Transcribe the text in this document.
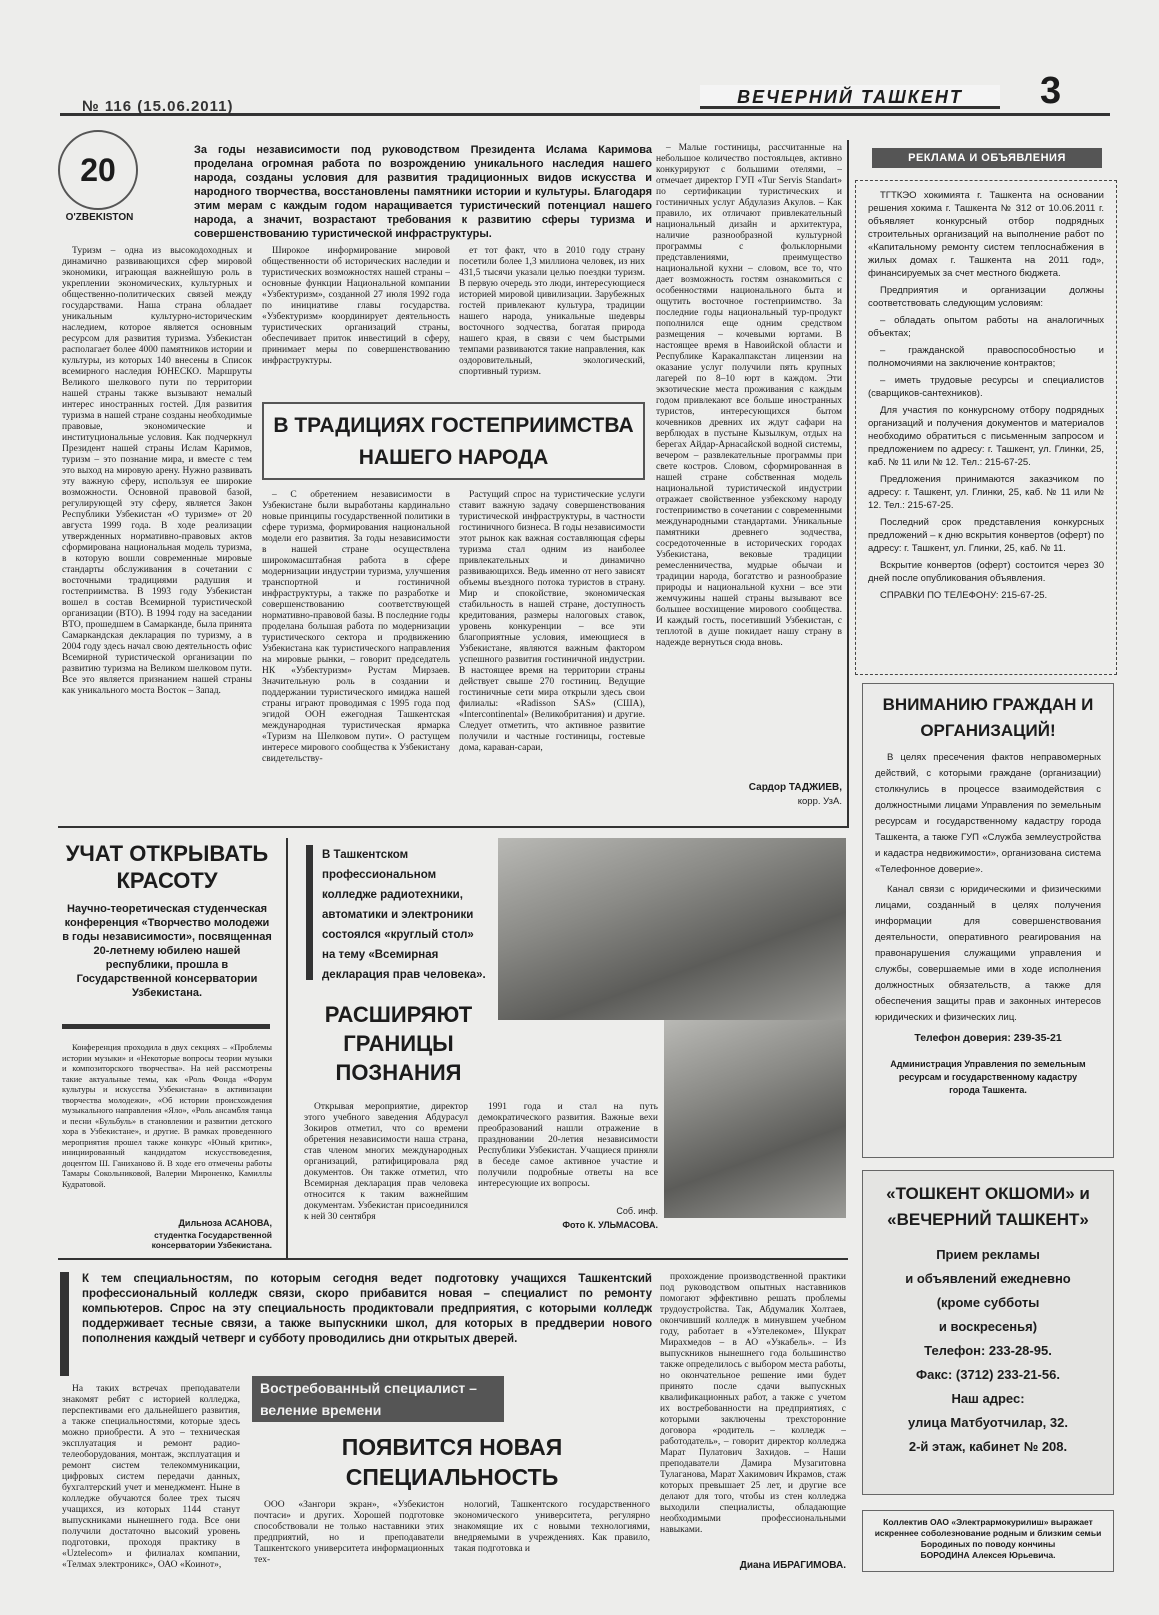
№ 116 (15.06.2011)	ВЕЧЕРНИЙ ТАШКЕНТ	3
20
O'ZBEKISTON
За годы независимости под руководством Президента Ислама Каримова проделана огромная работа по возрождению уникального наследия нашего народа, созданы условия для развития традиционных видов искусства и народного творчества, восстановлены памятники истории и культуры. Благодаря этим мерам с каждым годом наращивается туристический потенциал нашего народа, а значит, возрастают требования к развитию сферы туризма и совершенствованию туристической инфраструктуры.

Туризм – одна из высокодоходных и динамично развивающихся сфер мировой экономики, играющая важнейшую роль в укреплении экономических, культурных и общественно-политических связей между государствами. Наша страна обладает уникальным культурно-историческим наследием, которое является основным ресурсом для развития туризма. Узбекистан располагает более 4000 памятников истории и культуры, из которых 140 внесены в Список всемирного наследия ЮНЕСКО. Маршруты Великого шелкового пути по территории нашей страны также вызывают немалый интерес иностранных гостей. Для развития туризма в нашей стране созданы необходимые правовые, экономические и институциональные условия. Как подчеркнул Президент нашей страны Ислам Каримов, туризм – это познание мира, и вместе с тем это выход на мировую арену. Нужно развивать эту важную сферу, используя ее широкие возможности. Основной правовой базой, регулирующей эту сферу, является Закон Республики Узбекистан «О туризме» от 20 августа 1999 года. В ходе реализации утвержденных нормативно-правовых актов сформирована национальная модель туризма, в которую вошли современные мировые стандарты обслуживания в сочетании с восточными традициями радушия и гостеприимства. В 1993 году Узбекистан вошел в состав Всемирной туристической организации (ВТО). В 1994 году на заседании ВТО, прошедшем в Самарканде, была принята Самаркандская декларация по туризму, а в 2004 году здесь начал свою деятельность офис Всемирной туристической организации по развитию туризма на Великом шелковом пути. Все это является признанием нашей страны как уникального моста Восток – Запад.

Широкое информирование мировой общественности об исторических наследии и туристических возможностях нашей страны – основные функции Национальной компании «Узбектуризм», созданной 27 июля 1992 года по инициативе главы государства. «Узбектуризм» координирует деятельность туристических организаций страны, обеспечивает приток инвестиций в сферу, принимает меры по совершенствованию инфраструктуры.

ет тот факт, что в 2010 году страну посетили более 1,3 миллиона человек, из них 431,5 тысячи указали целью поездки туризм. В первую очередь это люди, интересующиеся историей мировой цивилизации. Зарубежных гостей привлекают культура, традиции нашего народа, уникальные шедевры восточного зодчества, богатая природа нашего края, в связи с чем быстрыми темпами развиваются такие направления, как оздоровительный, экологический, спортивный туризм.

В ТРАДИЦИЯХ ГОСТЕПРИИМСТВА НАШЕГО НАРОДА

– С обретением независимости в Узбекистане были выработаны кардинально новые принципы государственной политики в сфере туризма, формирования национальной модели его развития. За годы независимости в нашей стране осуществлена широкомасштабная работа в сфере модернизации индустрии туризма, улучшения транспортной и гостиничной инфраструктуры, а также по разработке и совершенствованию соответствующей нормативно-правовой базы. В последние годы проделана большая работа по модернизации туристического сектора и продвижению Узбекистана как туристического направления на мировые рынки, – говорит председатель НК «Узбектуризм» Рустам Мирзаев. Значительную роль в создании и поддержании туристического имиджа нашей страны играют проводимая с 1995 года под эгидой ООН ежегодная Ташкентская международная туристическая ярмарка «Туризм на Шелковом пути». О растущем интересе мирового сообщества к Узбекистану свидетельству-

Растущий спрос на туристические услуги ставит важную задачу совершенствования туристической инфраструктуры, в частности гостиничного бизнеса. В годы независимости этот рынок как важная составляющая сферы туризма стал одним из наиболее привлекательных и динамично развивающихся. Ведь именно от него зависят объемы въездного потока туристов в страну. Мир и спокойствие, экономическая стабильность в нашей стране, доступность кредитования, размеры налоговых ставок, уровень конкуренции – все эти благоприятные условия, имеющиеся в Узбекистане, являются важным фактором успешного развития гостиничной индустрии. В настоящее время на территории страны действует свыше 270 гостиниц. Ведущие гостиничные сети мира открыли здесь свои филиалы: «Radisson SAS» (США), «Intercontinental» (Великобритания) и другие. Следует отметить, что активное развитие получили и частные гостиницы, гостевые дома, караван-сараи,

– Малые гостиницы, рассчитанные на небольшое количество постояльцев, активно конкурируют с большими отелями, – отмечает директор ГУП «Tur Servis Standart» по сертификации туристических и гостиничных услуг Абдулазиз Акулов. – Как правило, их отличают привлекательный национальный дизайн и архитектура, наличие разнообразной культурной программы с фольклорными представлениями, преимущество национальной кухни – словом, все то, что дает возможность гостям ознакомиться с особенностями национального быта и ощутить восточное гостеприимство. За последние годы национальный тур-продукт пополнился еще одним средством размещения – кочевыми юртами. В настоящее время в Навоийской области и Республике Каракалпакстан лицензии на оказание услуг получили пять крупных лагерей по 8–10 юрт в каждом. Эти экзотические места проживания с каждым годом привлекают все больше иностранных туристов, интересующихся бытом кочевников древних их ждут сафари на верблюдах в пустыне Кызылкум, отдых на берегах Айдар-Арнасайской водной системы, вечером – развлекательные программы при свете костров. Словом, сформированная в нашей стране собственная модель национальной туристической индустрии отражает свойственное узбекскому народу гостеприимство в сочетании с современными международными стандартами. Уникальные памятники древнего зодчества, сосредоточенные в исторических городах Узбекистана, вековые традиции ремесленничества, мудрые обычаи и традиции народа, богатство и разнообразие природы и национальной кухни – все эти жемчужины нашей страны вызывают все большее восхищение мирового сообщества. И каждый гость, посетивший Узбекистан, с теплотой в душе покидает нашу страну в надежде вернуться сюда вновь.

Сардор ТАДЖИЕВ,
корр. УзА.
РЕКЛАМА И ОБЪЯВЛЕНИЯ

ТГТКЭО хокимията г. Ташкента на основании решения хокима г. Ташкента № 312 от 10.06.2011 г. объявляет конкурсный отбор подрядных строительных организаций на выполнение работ по «Капитальному ремонту систем теплоснабжения в жилых домах г. Ташкента на 2011 год», финансируемых за счет местного бюджета.

Предприятия и организации должны соответствовать следующим условиям:

– обладать опытом работы на аналогичных объектах;

– гражданской правоспособностью и полномочиями на заключение контрактов;

– иметь трудовые ресурсы и специалистов (сварщиков-сантехников).

Для участия по конкурсному отбору подрядных организаций и получения документов и материалов необходимо обратиться с письменным запросом и предложением по адресу: г. Ташкент, ул. Глинки, 25, каб. № 11 или № 12. Тел.: 215-67-25.

Предложения принимаются заказчиком по адресу: г. Ташкент, ул. Глинки, 25, каб. № 11 или № 12. Тел.: 215-67-25.

Последний срок представления конкурсных предложений – к дню вскрытия конвертов (оферт) по адресу: г. Ташкент, ул. Глинки, 25, каб. № 11.

Вскрытие конвертов (оферт) состоится через 30 дней после опубликования объявления.

СПРАВКИ ПО ТЕЛЕФОНУ: 215-67-25.

ВНИМАНИЮ ГРАЖДАН И ОРГАНИЗАЦИЙ!

В целях пресечения фактов неправомерных действий, с которыми граждане (организации) столкнулись в процессе взаимодействия с должностными лицами Управления по земельным ресурсам и государственному кадастру города Ташкента, а также ГУП «Служба землеустройства и кадастра недвижимости», организована система «Телефонное доверие».

Канал связи с юридическими и физическими лицами, созданный в целях получения информации для совершенствования деятельности, оперативного реагирования на правонарушения служащими управления и службы, совершаемые ими в ходе исполнения должностных обязательств, а также для обеспечения защиты прав и законных интересов юридических и физических лиц.

Телефон доверия: 239-35-21
Администрация Управления по земельным ресурсам и государственному кадастру города Ташкента.
«ТОШКЕНТ ОКШОМИ» и «ВЕЧЕРНИЙ ТАШКЕНТ»
Прием рекламы
и объявлений ежедневно
(кроме субботы
и воскресенья)
Телефон: 233-28-95.
Факс: (3712) 233-21-56.
Наш адрес:
улица Матбуотчилар, 32.
2-й этаж, кабинет № 208.
Коллектив ОАО «Электрармокурилиш» выражает искреннее соболезнование родным и близким семьи Бородиных по поводу кончины
БОРОДИНА Алексея Юрьевича.
УЧАТ ОТКРЫВАТЬ КРАСОТУ
Научно-теоретическая студенческая конференция «Творчество молодежи в годы независимости», посвященная 20-летнему юбилею нашей республики, прошла в Государственной консерватории Узбекистана.

Конференция проходила в двух секциях – «Проблемы истории музыки» и «Некоторые вопросы теории музыки и композиторского творчества». На ней рассмотрены такие актуальные темы, как «Роль Фонда «Форум культуры и искусства Узбекистана» в активизации творчества молодежи», «Об истории происхождения музыкального направления «Яло», «Роль ансамбля танца и песни «Бульбуль» в становлении и развитии детского хора в Узбекистане», и другие. В рамках проведенного мероприятия прошел также конкурс «Юный критик», инициированный кандидатом искусствоведения, доцентом Ш. Ганиханово й. В ходе его отмечены работы Тамары Сокольниковой, Валерии Мироненко, Камиллы Кудратовой.

Дильноза АСАНОВА,
студентка Государственной консерватории Узбекистана.
В Ташкентском профессиональном колледже радиотехники, автоматики и электроники состоялся «круглый стол» на тему «Всемирная декларация прав человека».
РАСШИРЯЮТ ГРАНИЦЫ ПОЗНАНИЯ

Открывая мероприятие, директор этого учебного заведения Абдурасул Зокиров отметил, что со времени обретения независимости наша страна, став членом многих международных организаций, ратифицировала ряд документов. Он также отметил, что Всемирная декларация прав человека относится к таким важнейшим документам. Узбекистан присоединился к ней 30 сентября

1991 года и стал на путь демократического развития. Важные вехи преобразований нашли отражение в праздновании 20-летия независимости Республики Узбекистан. Учащиеся приняли в беседе самое активное участие и получили подробные ответы на все интересующие их вопросы.

Соб. инф.
Фото К. УЛЬМАСОВА.
К тем специальностям, по которым сегодня ведет подготовку учащихся Ташкентский профессиональный колледж связи, скоро прибавится новая – специалист по ремонту компьютеров. Спрос на эту специальность продиктовали предприятия, с которыми колледж поддерживает тесные связи, а также выпускники школ, для которых в преддверии нового пополнения каждый четверг и субботу проводились дни открытых дверей.

На таких встречах преподаватели знакомят ребят с историей колледжа, перспективами его дальнейшего развития, а также специальностями, которые здесь можно приобрести. А это – техническая эксплуатация и ремонт радио- телеоборудования, монтаж, эксплуатация и ремонт систем телекоммуникации, цифровых систем передачи данных, бухгалтерский учет и менеджмент. Ныне в колледже обучаются более трех тысяч учащихся, из которых 1144 станут выпускниками нынешнего года. Все они получили достаточно высокий уровень подготовки, проходя практику в «Uztelecom» и филиалах компании, «Телмах электроникс», ОАО «Коинот»,

Востребованный специалист – веление времени
ПОЯВИТСЯ НОВАЯ СПЕЦИАЛЬНОСТЬ

ООО «Зангори экран», «Узбекистон почтаси» и других. Хорошей подготовке способствовали не только наставники этих предприятий, но и преподаватели Ташкентского университета информационных тех-

нологий, Ташкентского государственного экономического университета, регулярно знакомящие их с новыми технологиями, внедряемыми в учреждениях. Как правило, такая подготовка и

прохождение производственной практики под руководством опытных наставников помогают эффективно решать проблемы трудоустройства. Так, Абдумалик Холтаев, окончивший колледж в минувшем учебном году, работает в «Узтелекоме», Шукрат Мирахмедов – в АО «Узкабель». – Из выпускников нынешнего года большинство также определилось с выбором места работы, но окончательное решение ими будет принято после сдачи выпускных квалификационных работ, а также с учетом их востребованности на предприятиях, с которыми заключены трехсторонние договора «родитель – колледж – работодатель», – говорит директор колледжа Марат Пулатович Захидов. – Наши преподаватели Дамира Музагитовна Тулаганова, Марат Хакимович Икрамов, стаж которых превышает 25 лет, и другие все делают для того, чтобы из стен колледжа выходили специалисты, обладающие необходимыми профессиональными навыками.

Диана ИБРАГИМОВА.
